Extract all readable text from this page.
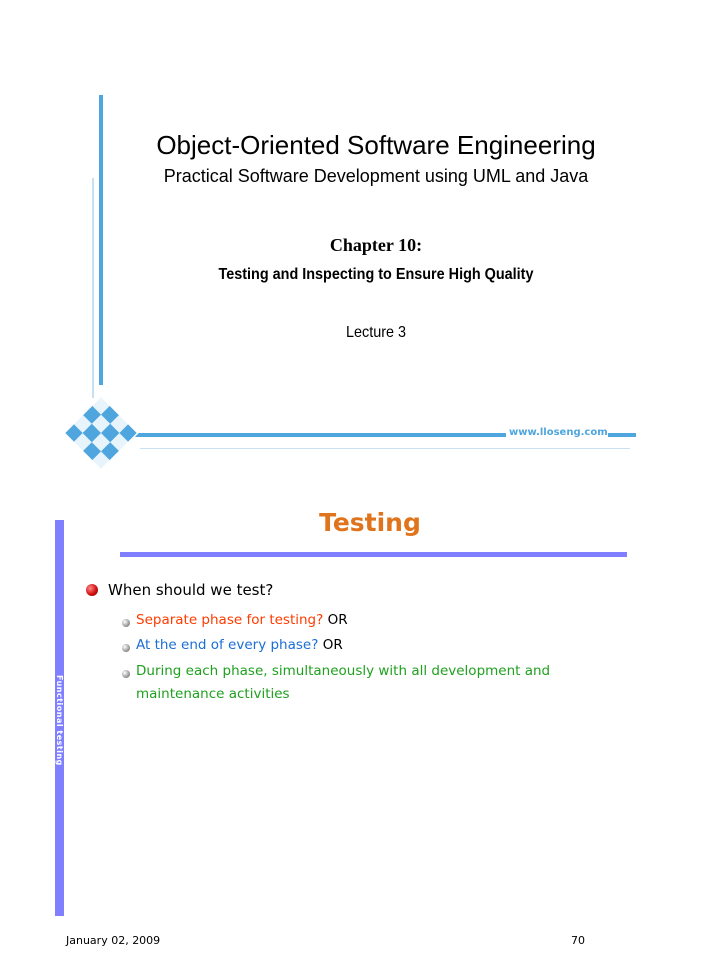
www.lloseng.com
Object-Oriented Software Engineering
Practical Software Development using UML and Java
Chapter 10:
Testing and Inspecting to Ensure High Quality
Lecture 3
Functional testing
Testing
When should we test?
Separate phase for testing? OR
At the end of every phase? OR
During each phase, simultaneously with all development and
maintenance activities
January 02, 2009	70
